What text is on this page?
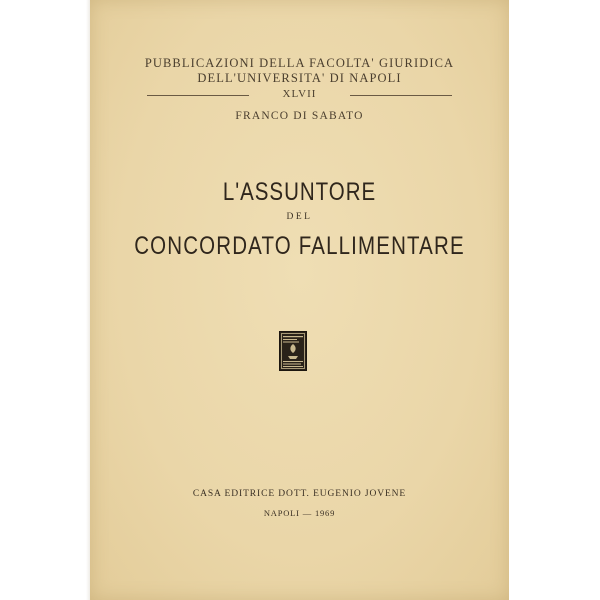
PUBBLICAZIONI DELLA FACOLTA' GIURIDICA
DELL'UNIVERSITA' DI NAPOLI
XLVII
FRANCO DI SABATO
L'ASSUNTORE
DEL
CONCORDATO FALLIMENTARE
CASA EDITRICE DOTT. EUGENIO JOVENE
NAPOLI — 1969
